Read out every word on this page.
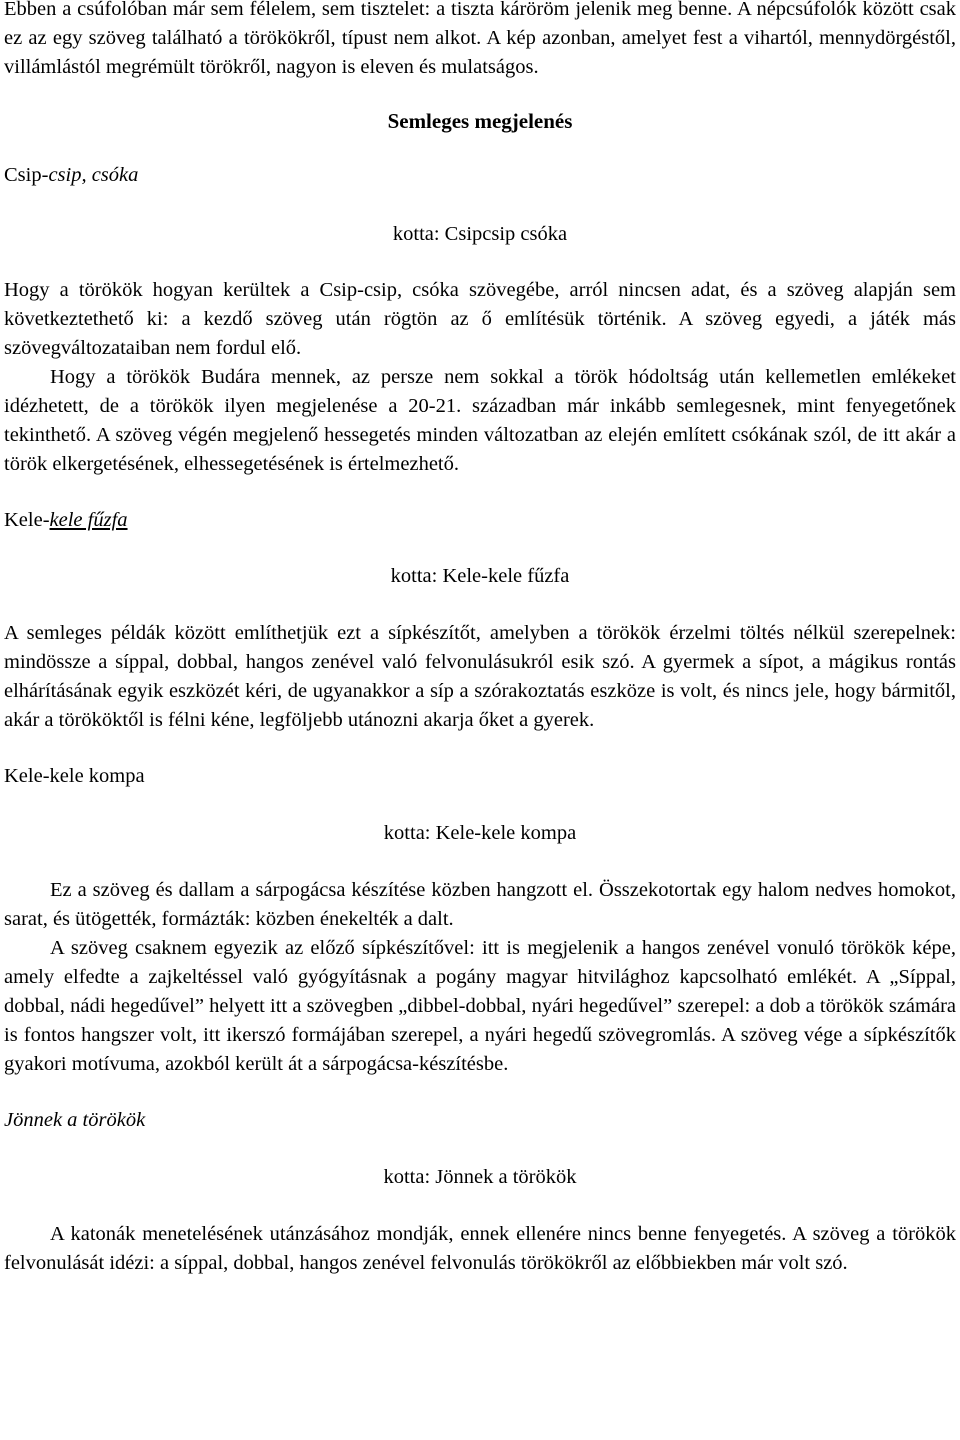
Ebben a csúfolóban már sem félelem, sem tisztelet: a tiszta káröröm jelenik meg benne. A népcsúfolók között csak ez az egy szöveg található a törökökről, típust nem alkot. A kép azonban, amelyet fest a vihartól, mennydörgéstől, villámlástól megrémült törökről, nagyon is eleven és mulatságos.

Semleges megjelenés

Csip-csip, csóka

kotta: Csipcsip csóka

Hogy a törökök hogyan kerültek a Csip-csip, csóka szövegébe, arról nincsen adat, és a szöveg alapján sem következtethető ki: a kezdő szöveg után rögtön az ő említésük történik. A szöveg egyedi, a játék más szövegváltozataiban nem fordul elő.

Hogy a törökök Budára mennek, az persze nem sokkal a török hódoltság után kellemetlen emlékeket idézhetett, de a törökök ilyen megjelenése a 20-21. században már inkább semlegesnek, mint fenyegetőnek tekinthető. A szöveg végén megjelenő hessegetés minden változatban az elején említett csókának szól, de itt akár a török elkergetésének, elhessegetésének is értelmezhető.

Kele-kele fűzfa

kotta: Kele-kele fűzfa

A semleges példák között említhetjük ezt a sípkészítőt, amelyben a törökök érzelmi töltés nélkül szerepelnek: mindössze a síppal, dobbal, hangos zenével való felvonulásukról esik szó. A gyermek a sípot, a mágikus rontás elhárításának egyik eszközét kéri, de ugyanakkor a síp a szórakoztatás eszköze is volt, és nincs jele, hogy bármitől, akár a törököktől is félni kéne, legföljebb utánozni akarja őket a gyerek.

Kele-kele kompa

kotta: Kele-kele kompa

Ez a szöveg és dallam a sárpogácsa készítése közben hangzott el. Összekotortak egy halom nedves homokot, sarat, és ütögették, formázták: közben énekelték a dalt.

A szöveg csaknem egyezik az előző sípkészítővel: itt is megjelenik a hangos zenével vonuló törökök képe, amely elfedte a zajkeltéssel való gyógyításnak a pogány magyar hitvilághoz kapcsolható emlékét. A „Síppal, dobbal, nádi hegedűvel” helyett itt a szövegben „dibbel-dobbal, nyári hegedűvel” szerepel: a dob a törökök számára is fontos hangszer volt, itt ikerszó formájában szerepel, a nyári hegedű szövegromlás. A szöveg vége a sípkészítők gyakori motívuma, azokból került át a sárpogácsa-készítésbe.

Jönnek a törökök

kotta: Jönnek a törökök

A katonák menetelésének utánzásához mondják, ennek ellenére nincs benne fenyegetés. A szöveg a törökök felvonulását idézi: a síppal, dobbal, hangos zenével felvonulás törökökről az előbbiekben már volt szó.
